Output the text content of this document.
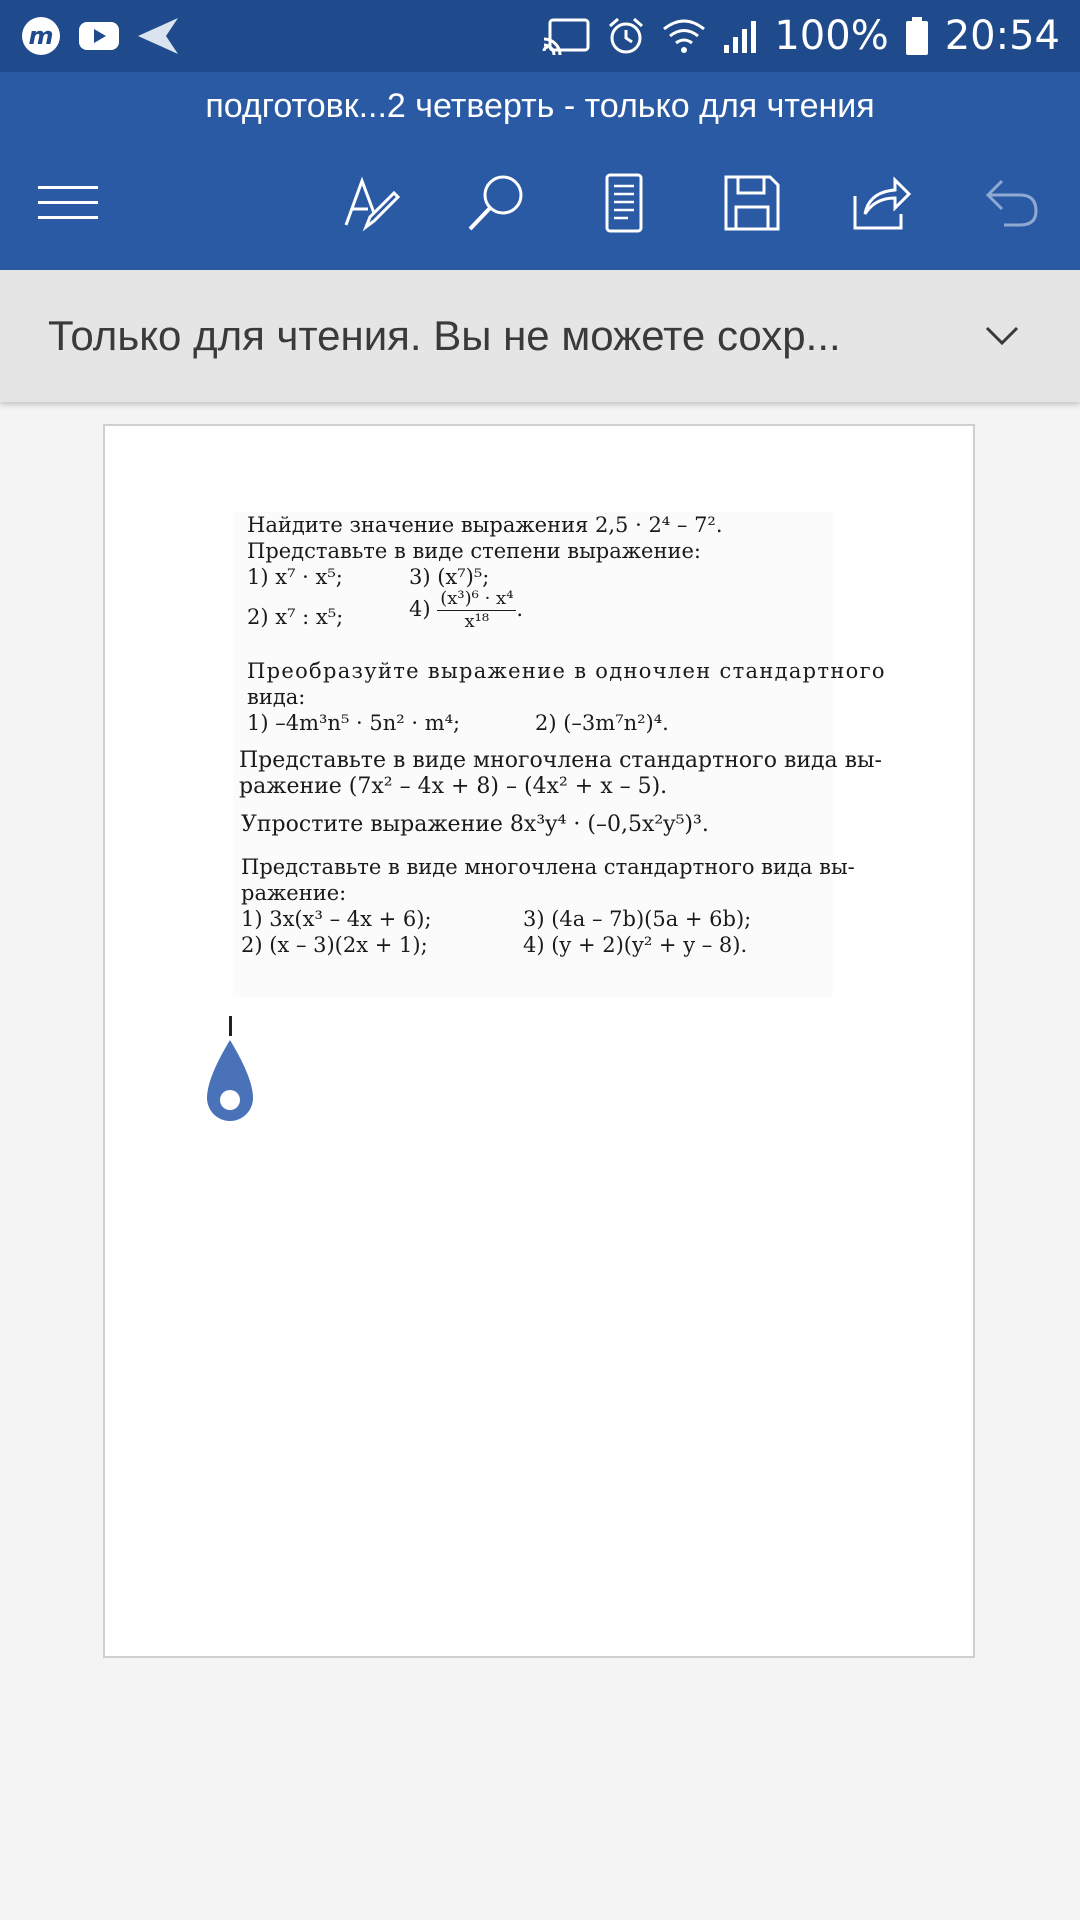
m	100% 20:54
подготовк...2 четверть - только для чтения
Только для чтения. Вы не можете сохр...

Найдите значение выражения 2,5 · 2⁴ – 7².

Представьте в виде степени выражение:

1) x⁷ · x⁵;	3) (x⁷)⁵;

2) x⁷ : x⁵;	$4) \frac{\text{(x³)⁶ · x⁴}}{\text{x¹⁸}}$ .

Преобразуйте выражение в одночлен стандартного

вида:

1) –4m³n⁵ · 5n² · m⁴;	2) (–3m⁷n²)⁴.

Представьте в виде многочлена стандартного вида вы-

ражение (7x² – 4x + 8) – (4x² + x – 5).

Упростите выражение 8x³y⁴ · (–0,5x²y⁵)³.

Представьте в виде многочлена стандартного вида вы-

ражение:

1) 3x(x³ – 4x + 6);	3) (4a – 7b)(5a + 6b);

2) (x – 3)(2x + 1);	4) (y + 2)(y² + y – 8).
